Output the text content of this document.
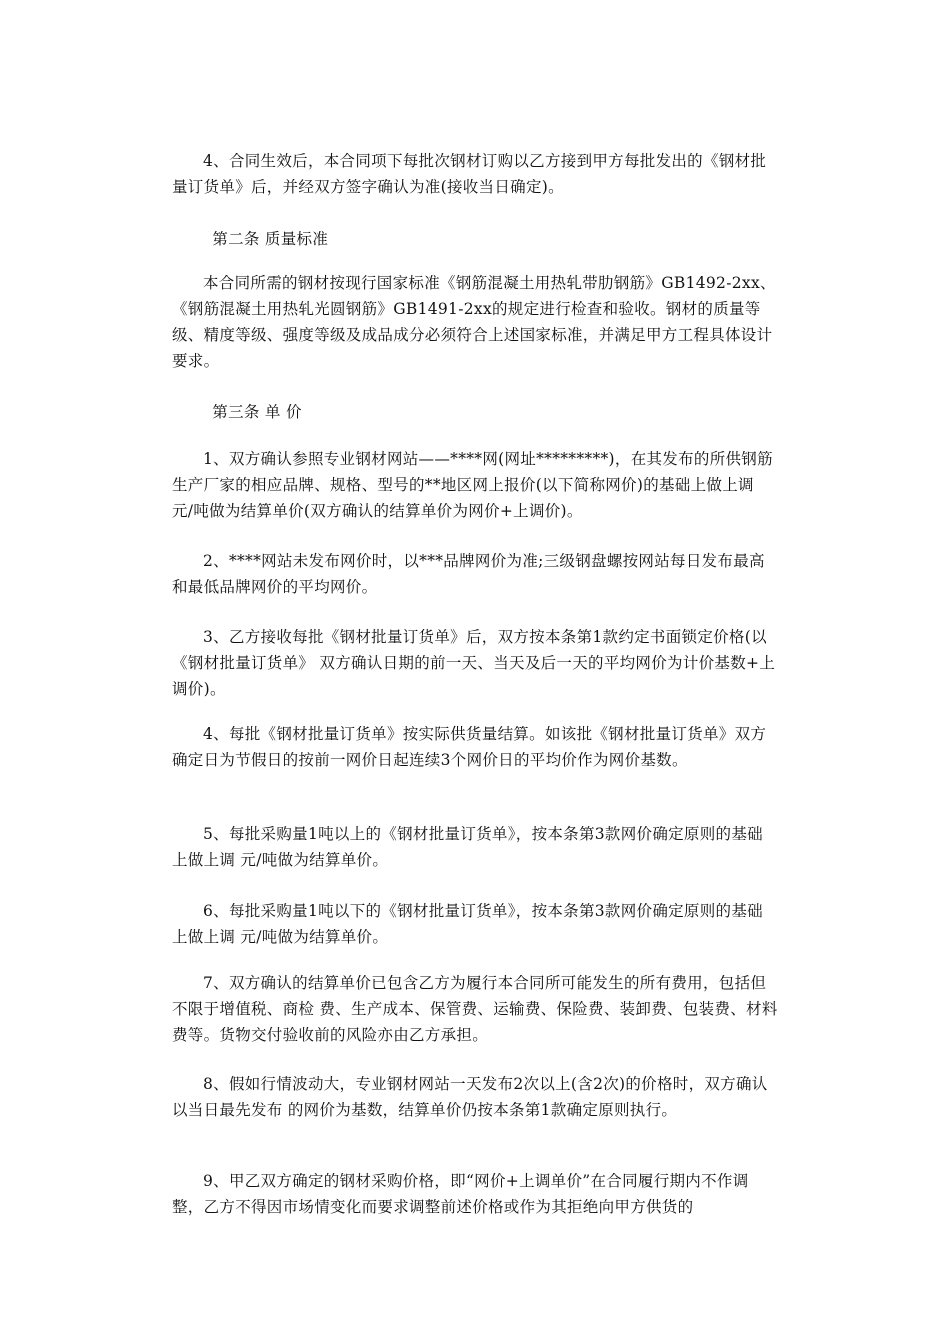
4、合同生效后，本合同项下每批次钢材订购以乙方接到甲方每批发出的《钢材批量订货单》后，并经双方签字确认为准(接收当日确定)。

第二条 质量标准

本合同所需的钢材按现行国家标准《钢筋混凝土用热轧带肋钢筋》GB1492-2xx、《钢筋混凝土用热轧光圆钢筋》GB1491-2xx的规定进行检查和验收。钢材的质量等级、精度等级、强度等级及成品成分必须符合上述国家标准，并满足甲方工程具体设计要求。

第三条 单 价

1、双方确认参照专业钢材网站——****网(网址*********)，在其发布的所供钢筋生产厂家的相应品牌、规格、型号的**地区网上报价(以下简称网价)的基础上做上调 元/吨做为结算单价(双方确认的结算单价为网价+上调价)。

2、****网站未发布网价时，以***品牌网价为准;三级钢盘螺按网站每日发布最高和最低品牌网价的平均网价。

3、乙方接收每批《钢材批量订货单》后，双方按本条第1款约定书面锁定价格(以《钢材批量订货单》 双方确认日期的前一天、当天及后一天的平均网价为计价基数+上调价)。

4、每批《钢材批量订货单》按实际供货量结算。如该批《钢材批量订货单》双方确定日为节假日的按前一网价日起连续3个网价日的平均价作为网价基数。

5、每批采购量1吨以上的《钢材批量订货单》，按本条第3款网价确定原则的基础上做上调 元/吨做为结算单价。

6、每批采购量1吨以下的《钢材批量订货单》，按本条第3款网价确定原则的基础上做上调 元/吨做为结算单价。

7、双方确认的结算单价已包含乙方为履行本合同所可能发生的所有费用，包括但不限于增值税、商检 费、生产成本、保管费、运输费、保险费、装卸费、包装费、材料费等。货物交付验收前的风险亦由乙方承担。

8、假如行情波动大，专业钢材网站一天发布2次以上(含2次)的价格时，双方确认以当日最先发布 的网价为基数，结算单价仍按本条第1款确定原则执行。

9、甲乙双方确定的钢材采购价格，即“网价+上调单价”在合同履行期内不作调整，乙方不得因市场情变化而要求调整前述价格或作为其拒绝向甲方供货的
